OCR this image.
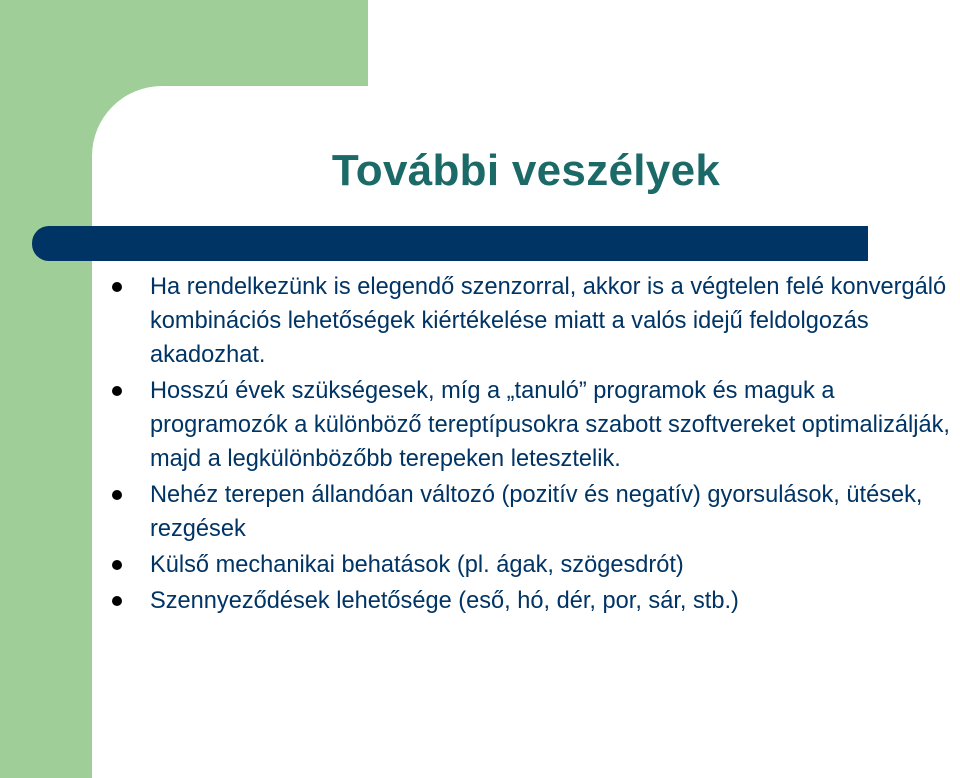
További veszélyek
Ha rendelkezünk is elegendő szenzorral, akkor is a végtelen felé konvergáló kombinációs lehetőségek kiértékelése miatt a valós idejű feldolgozás akadozhat.
Hosszú évek szükségesek, míg a „tanuló” programok és maguk a programozók a különböző tereptípusokra szabott szoftvereket optimalizálják, majd a legkülönbözőbb terepeken letesztelik.
Nehéz terepen állandóan változó (pozitív és negatív) gyorsulások, ütések, rezgések
Külső mechanikai behatások (pl. ágak, szögesdrót)
Szennyeződések lehetősége (eső, hó, dér, por, sár, stb.)
